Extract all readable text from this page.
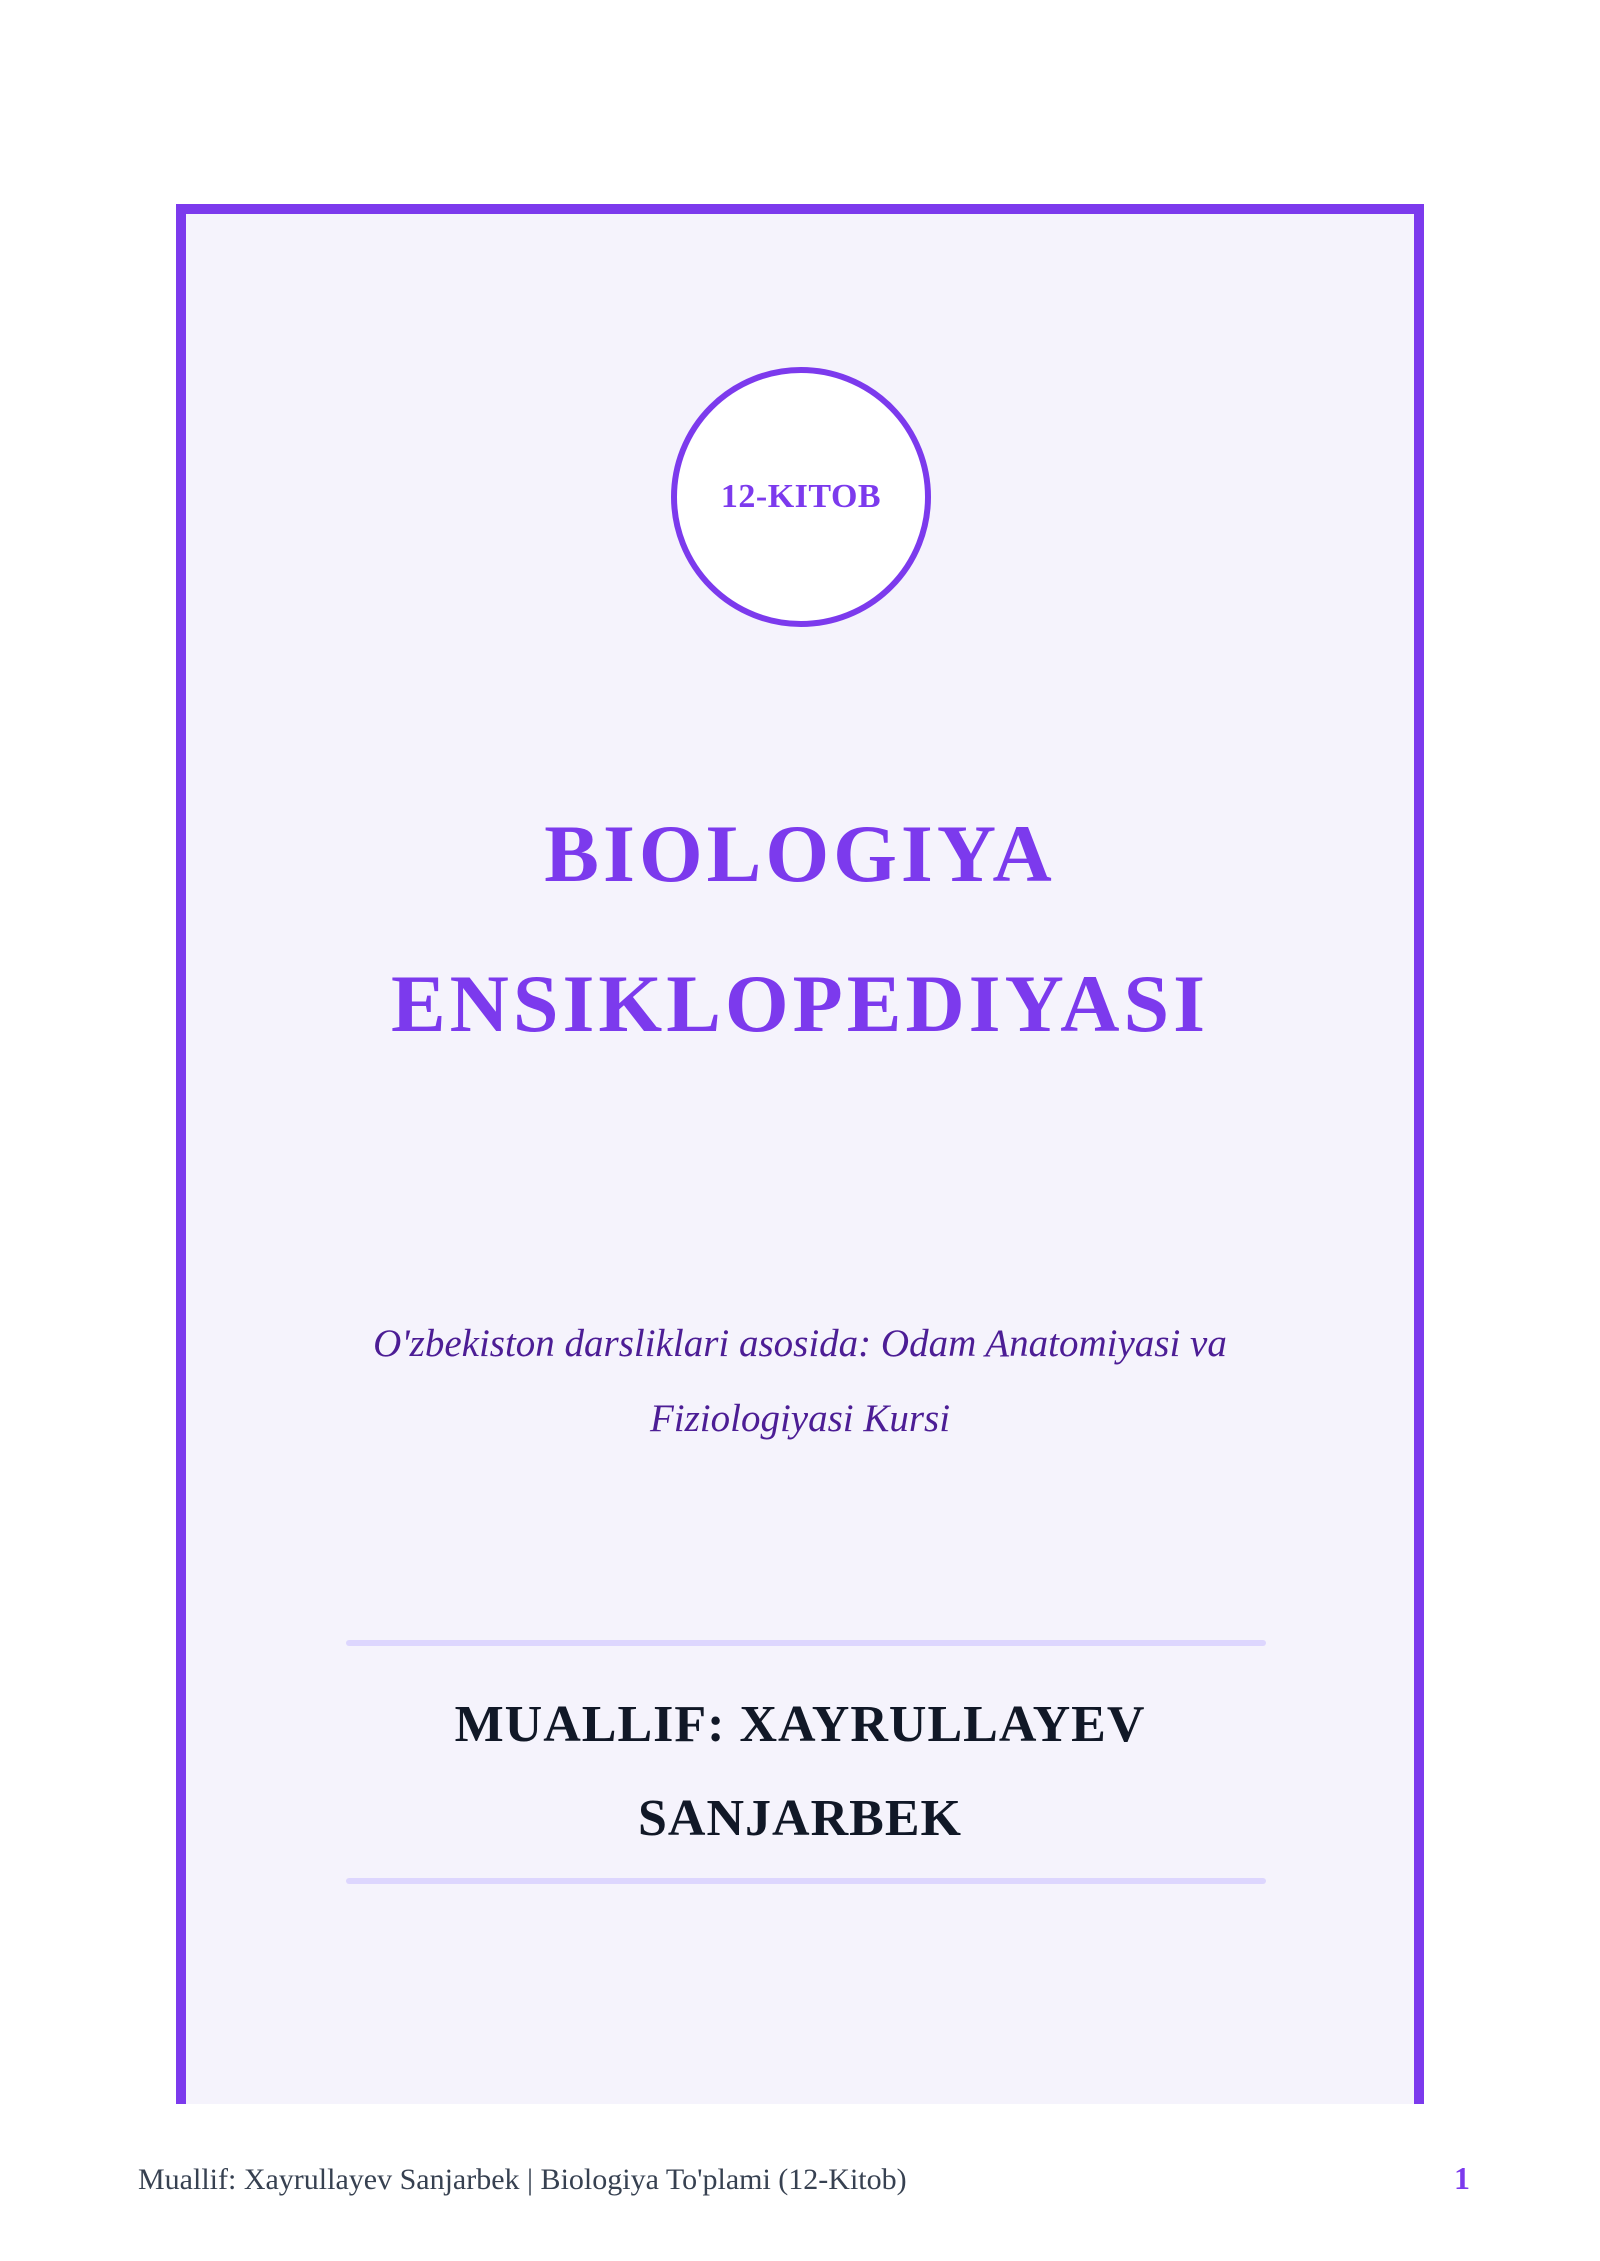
12-KITOB
BIOLOGIYA
ENSIKLOPEDIYASI
O'zbekiston darsliklari asosida: Odam Anatomiyasi va Fiziologiyasi Kursi
MUALLIF: XAYRULLAYEV
SANJARBEK
Muallif: Xayrullayev Sanjarbek | Biologiya To'plami (12-Kitob)	1
